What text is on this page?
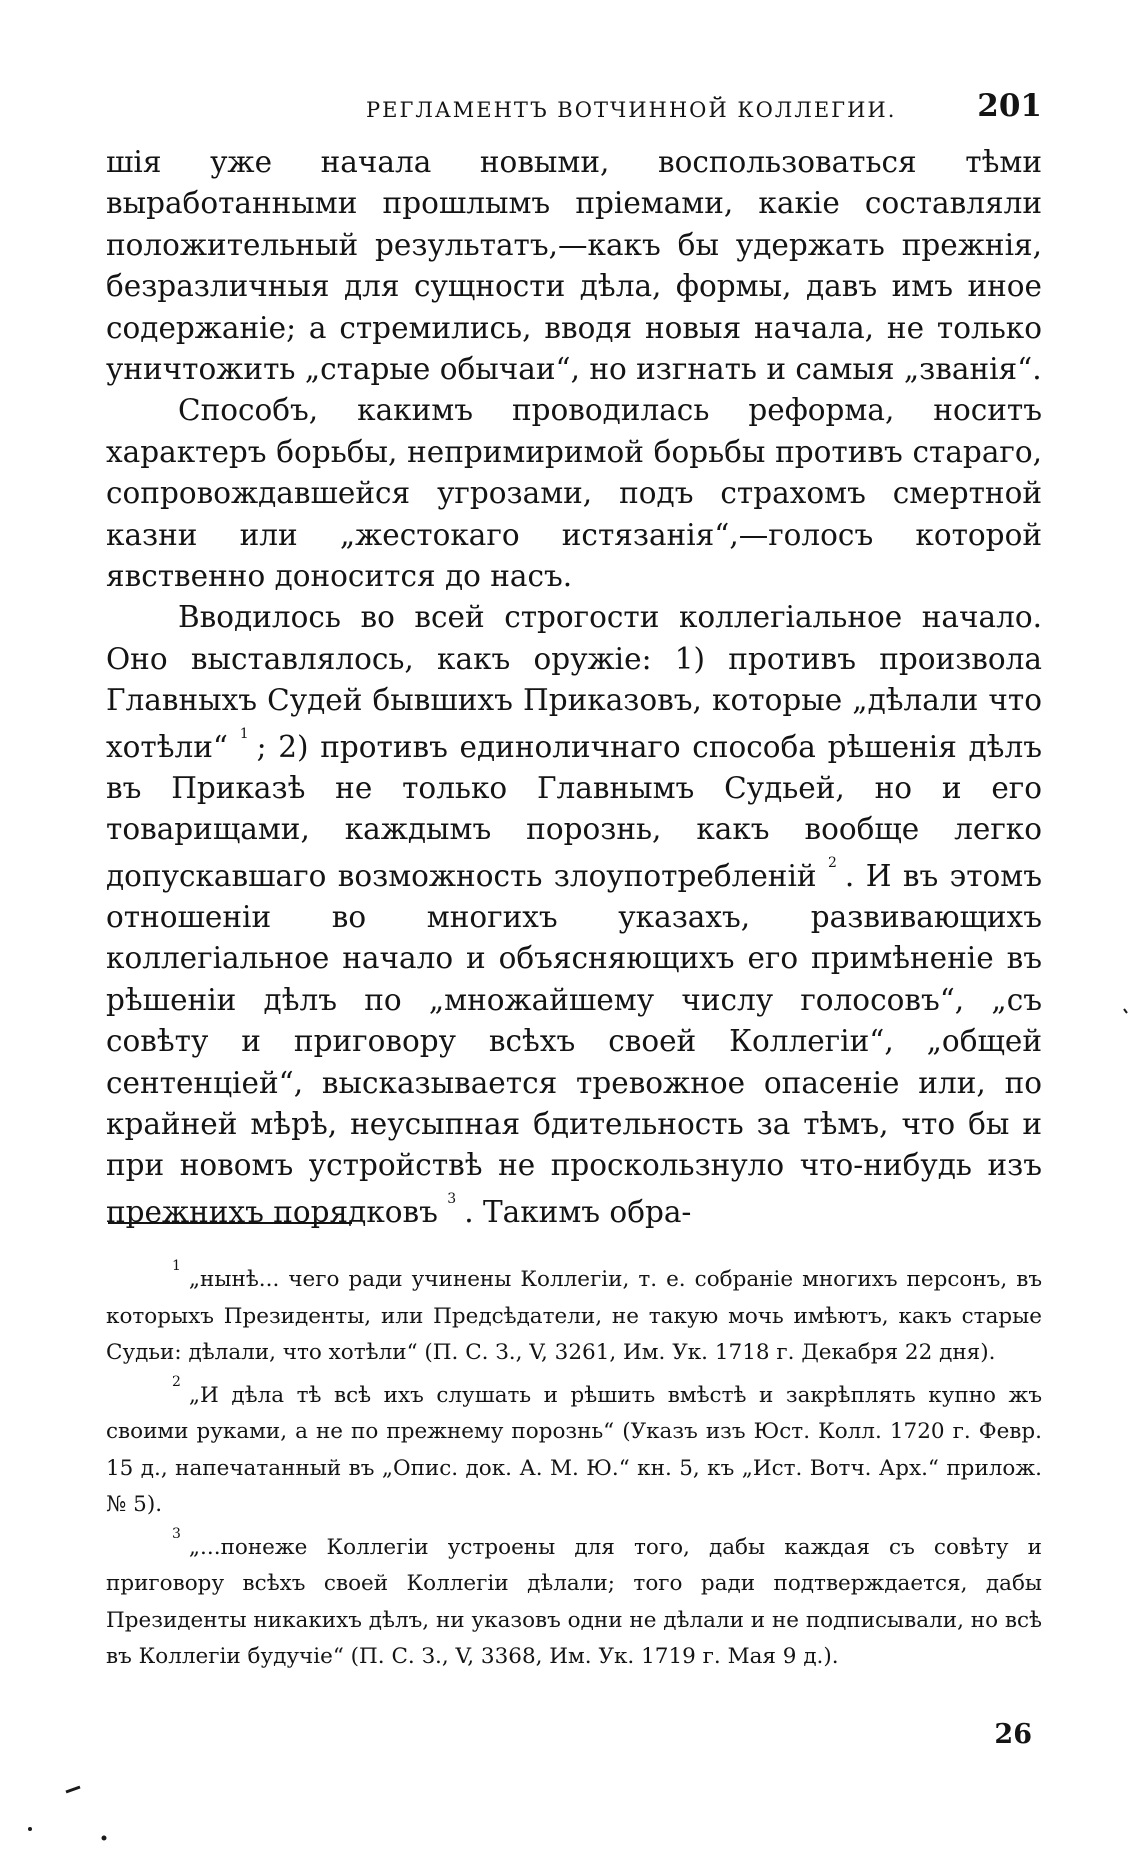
РЕГЛАМЕНТЪ ВОТЧИННОЙ КОЛЛЕГИИ.	201

шія уже начала новыми, воспользоваться тѣми выработанными прошлымъ пріемами, какіе составляли положительный результатъ,—какъ бы удержать прежнія, безразличныя для сущности дѣла, формы, давъ имъ иное содержаніе; а стремились, вводя новыя начала, не только уничтожить „старые обычаи“, но изгнать и самыя „званія“.

Способъ, какимъ проводилась реформа, носитъ характеръ борьбы, непримиримой борьбы противъ стараго, сопровождавшейся угрозами, подъ страхомъ смертной казни или „жестокаго истязанія“,—голосъ которой явственно доносится до насъ.

Вводилось во всей строгости коллегіальное начало. Оно выставлялось, какъ оружіе: 1) противъ произвола Главныхъ Судей бывшихъ Приказовъ, которые „дѣлали что хотѣли“ $^1$ ; 2) противъ единоличнаго способа рѣшенія дѣлъ въ Приказѣ не только Главнымъ Судьей, но и его товарищами, каждымъ порознь, какъ вообще легко допускавшаго возможность злоупотребленій $^2$ . И въ этомъ отношеніи во многихъ указахъ, развивающихъ коллегіальное начало и объясняющихъ его примѣненіе въ рѣшеніи дѣлъ по „множайшему числу голосовъ“, „съ совѣту и приговору всѣхъ своей Коллегіи“, „общей сентенціей“, высказывается тревожное опасеніе или, по крайней мѣрѣ, неусыпная бдительность за тѣмъ, что бы и при новомъ устройствѣ не проскользнуло что-нибудь изъ прежнихъ порядковъ $^3$ . Такимъ обра-

$^1$„нынѣ... чего ради учинены Коллегіи, т. е. собраніе многихъ персонъ, въ которыхъ Президенты, или Предсѣдатели, не такую мочь имѣютъ, какъ старые Судьи: дѣлали, что хотѣли“ (П. С. З., V, 3261, Им. Ук. 1718 г. Декабря 22 дня).

$^2$„И дѣла тѣ всѣ ихъ слушать и рѣшить вмѣстѣ и закрѣплять купно жъ своими руками, а не по прежнему порознь“ (Указъ изъ Юст. Колл. 1720 г. Февр. 15 д., напечатанный въ „Опис. док. А. М. Ю.“ кн. 5, къ „Ист. Вотч. Арх.“ прилож. № 5).

$^3$„...понеже Коллегіи устроены для того, дабы каждая съ совѣту и приговору всѣхъ своей Коллегіи дѣлали; того ради подтверждается, дабы Президенты никакихъ дѣлъ, ни указовъ одни не дѣлали и не подписывали, но всѣ въ Коллегіи будучіе“ (П. С. З., V, 3368, Им. Ук. 1719 г. Мая 9 д.).

26
